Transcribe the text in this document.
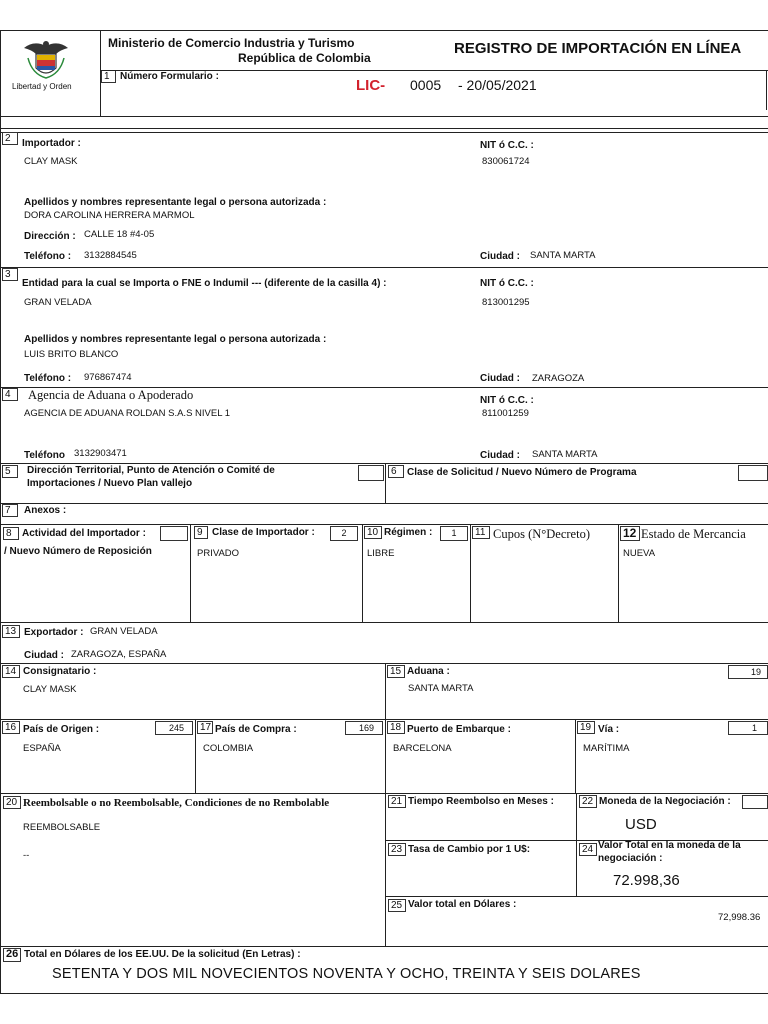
Libertad y Orden
Ministerio de Comercio Industria y Turismo
República de Colombia
REGISTRO DE IMPORTACIÓN EN LÍNEA
1	Número Formulario :
LIC- 0005 - 20/05/2021
2	Importador :
CLAY MASK
NIT ó C.C. :
830061724
Apellidos y nombres representante legal o persona autorizada :
DORA CAROLINA HERRERA MARMOL
Dirección : CALLE 18 #4-05
Teléfono : 3132884545	Ciudad : SANTA MARTA
3
Entidad para la cual se Importa o FNE o Indumil --- (diferente de la casilla 4) :
GRAN VELADA
NIT ó C.C. :
813001295
Apellidos y nombres representante legal o persona autorizada :
LUIS BRITO BLANCO
Teléfono : 976867474	Ciudad : ZARAGOZA
4	Agencia de Aduana o Apoderado
AGENCIA DE ADUANA ROLDAN S.A.S NIVEL 1
NIT ó C.C. :
811001259
Teléfono 3132903471	Ciudad : SANTA MARTA
5	Dirección Territorial, Punto de Atención o Comité de
Importaciones / Nuevo Plan vallejo
6	Clase de Solicitud / Nuevo Número de Programa
7	Anexos :
8	Actividad del Importador :
/ Nuevo Número de Reposición
9 Clase de Importador :	2
PRIVADO
10 Régimen :	1
LIBRE
11 Cupos (N°Decreto)	12 Estado de Mercancia
NUEVA
13 Exportador : GRAN VELADA
Ciudad : ZARAGOZA, ESPAÑA
14 Consignatario :
CLAY MASK
15 Aduana :	19
SANTA MARTA
16 País de Origen :	245
ESPAÑA
17 País de Compra :	169
COLOMBIA
18 Puerto de Embarque :
BARCELONA
19 Vía :	1
MARÍTIMA
20 Reembolsable o no Reembolsable, Condiciones de no Rembolable
REEMBOLSABLE
--
21 Tiempo Reembolso en Meses :	22 Moneda de la Negociación :
USD
23 Tasa de Cambio por 1 U$:	24 Valor Total en la moneda de la
negociación :
72.998,36
25 Valor total en Dólares :
72,998.36
26 Total en Dólares de los EE.UU. De la solicitud (En Letras) :
SETENTA Y DOS MIL NOVECIENTOS NOVENTA Y OCHO, TREINTA Y SEIS DOLARES
